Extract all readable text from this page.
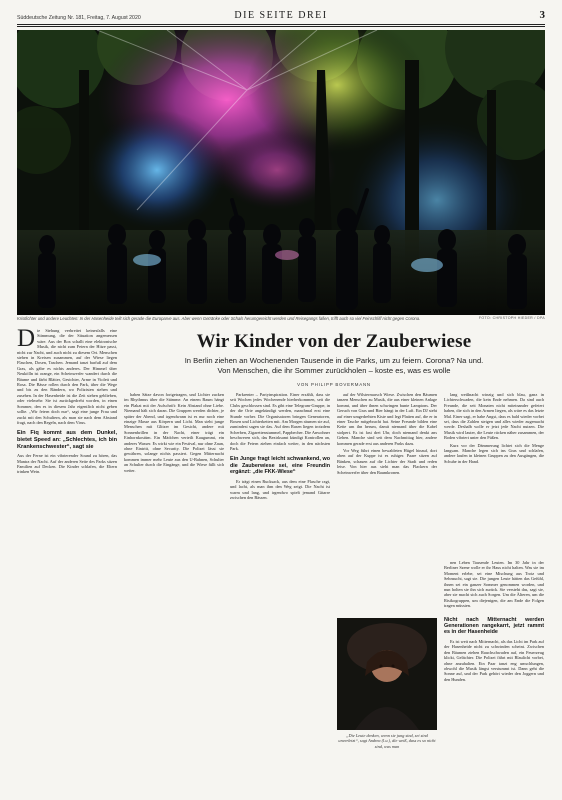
Süddeutsche Zeitung Nr. 181, Freitag, 7. August 2020	DIE SEITE DREI	3
Kristlichter und andere Leuchten: In der Hasenheide teilt sich gerade die Europarve aus. Aber wenn Getränke oder Schals herumgereicht werden und Reisegangs fallen, trifft auch so viel Feinschliff nicht gegen Corona.	FOTO: CHRISTOPH HIEDER / DPA

Die Stehung verbreitet keinesfalls eine Stimmung, die der Situation angemessen wäre. Aus der Box schallt eine elektronische Musik, die nicht zum Feiern der Hitze passt, nicht zur Nacht, und auch nicht zu diesem Ort. Menschen stehen in Kreisen zusammen, auf der Wiese liegen Flaschen, Dosen, Taschen. Jemand tanzt barfuß auf dem Gras, als gäbe es nichts anderes. Der Himmel über Neukölln ist orange, ein Scheinwerfer wandert durch die Bäume und färbt Blätter, Gesichter, Arme in Violett und Rosa. Die Bässe rollen durch den Park, über die Wege und bis zu den Rändern, wo Polizisten stehen und zusehen. In der Hasenheide ist die Zeit stehen geblieben, oder vielmehr: Sie ist zurückgedreht worden, in einen Sommer, den es in diesem Jahr eigentlich nicht geben sollte. „Wir feiern doch nur“, sagt eine junge Frau und zuckt mit den Schultern, als man sie nach dem Abstand fragt, nach den Regeln, nach dem Virus.

Ein Fiq kommt aus dem Dunkel, bietet Speed an: „Schlechtes, ich bin Krankenschwester“, sagt sie

Aus der Ferne ist ein vibrierender Sound zu hören, das Mantra der Nacht. Auf der anderen Seite des Parks sitzen Familien auf Decken. Die Kinder schlafen, die Eltern trinken Wein.

Wir Kinder von der Zauberwiese
In Berlin ziehen an Wochenenden Tausende in die Parks, um zu feiern. Corona? Na und.
Von Menschen, die ihr Sommer zurückholen – koste es, was es wolle
VON PHILIPP BOVERMANN

haben Sätze davon fortgetragen, und Lichter zucken im Rhythmus über die Stämme. An einem Baum hängt ein Plakat mit der Aufschrift: Kein Abstand ohne Liebe. Niemand hält sich daran. Die Gruppen werden dichter, je später der Abend, und irgendwann ist es nur noch eine einzige Masse aus Körpern und Licht. Man sieht junge Menschen mit Glitzer im Gesicht, andere mit Sonnenbrillen in der Nacht, einer trägt ein Einhornkostüm. Ein Mädchen verteilt Kaugummi, ein anderes Wasser. Es wirkt wie ein Festival, nur ohne Zaun, ohne Eintritt, ohne Security. Die Polizei lässt sie gewähren, solange nichts passiert. Gegen Mitternacht kommen immer mehr Leute aus den U-Bahnen, Schulter an Schulter durch die Eingänge, und die Wiese füllt sich weiter.

Parkrenter – Partyinspiration. Einer erzählt, dass sie seit Wochen jedes Wochenende hierherkommen, seit die Clubs geschlossen sind. Es gibt eine Telegram-Gruppe, in der die Orte angekündigt werden, manchmal erst eine Stunde vorher. Die Organisatoren bringen Generatoren, Boxen und Lichterketten mit. Am Morgen räumen sie auf, zumindest sagen sie das. Auf dem Rasen liegen trotzdem Scherben, Zigarettenstummel, Pappbecher. Die Anwohner beschweren sich, das Bezirksamt kündigt Kontrollen an, doch die Feiern ziehen einfach weiter, in den nächsten Park.

Ein Junge fragt leicht schwankend, wo die Zauberwiese sei, eine Freundin ergänzt: „die FKK-Wiese“

Er trägt einen Rucksack, aus dem eine Flasche ragt, und lacht, als man ihm den Weg zeigt. Die Nacht ist warm und lang, und irgendwo spielt jemand Gitarre zwischen den Bässen.

auf der Wilstermarsch Wiese. Zwischen den Bäumen tanzen Menschen zu Musik, die aus einer kleinen Anlage kommt, und über ihnen schwingen bunte Lampions. Der Geruch von Gras und Bier hängt in der Luft. Ein DJ steht auf einer umgedrehten Kiste und legt Platten auf, die er in einer Tasche mitgebracht hat. Seine Freunde bilden eine Kette um ihn herum, damit niemand über die Kabel stolpert. Es ist fast drei Uhr, doch niemand denkt ans Gehen. Manche sind seit dem Nachmittag hier, andere kommen gerade erst aus anderen Parks dazu.

Vor Weg führt einen bewaldeten Hügel hinauf, dort oben auf der Kuppe ist es ruhiger. Paare sitzen auf Bänken, schauen auf die Lichter der Stadt und reden leise. Von hier aus sieht man das Flackern der Scheinwerfer über den Baumkronen.

lang weißnacht winzig und sich blau, ganz in Lichterschwaden, die kein Ende nehmen. Da sind auch Freunde, die seit Monaten nicht miteinander gefeiert haben, die sich in den Armen liegen, als wäre es das letzte Mal. Einer sagt, er habe Angst, dass es bald wieder vorbei sei, dass die Zahlen steigen und alles wieder zugemacht werde. Deshalb wolle er jetzt jede Nacht nutzen. Die Musik wird lauter, die Leute rücken näher zusammen, der Boden vibriert unter den Füßen.

Kurz vor der Dämmerung lichtet sich die Menge langsam. Manche legen sich ins Gras und schlafen, andere laufen in kleinen Gruppen zu den Ausgängen, die Schuhe in der Hand.

„Die Leute denken, wenn sie jung sind, sei sind unverletzt“, sagt Andrea (l.u.), die weiß, dass es so nicht sind, was man

nen Leben Tausende Leuten. Im 30 Jahr in der Berliner Szene wolle er ihr Haus nicht halten. Was sie im Moment erlebe, sei eine Mischung aus Trotz und Sehnsucht, sagt sie. Die jungen Leute hätten das Gefühl, ihnen sei ein ganzer Sommer genommen worden, und nun holten sie ihn sich zurück. Sie versteht das, sagt sie, aber sie macht sich auch Sorgen. Um die Älteren, um die Risikogruppen, um diejenigen, die am Ende die Folgen tragen müssten.

Nicht nach Mitternacht werden Generationen rangekarrt, jetzt rammt es in der Hasenheide

Es ist weit nach Mitternacht, als das Licht im Park auf der Hasenheide nicht zu schwinden scheint. Zwischen den Bäumen ziehen Rauchschwaden auf, ein Feuerzeug klickt, Gelächter. Die Polizei fährt mit Blaulicht vorbei, ohne anzuhalten. Ein Paar tanzt eng umschlungen, obwohl die Musik längst verstummt ist. Dann geht die Sonne auf, und der Park gehört wieder den Joggern und den Hunden.
